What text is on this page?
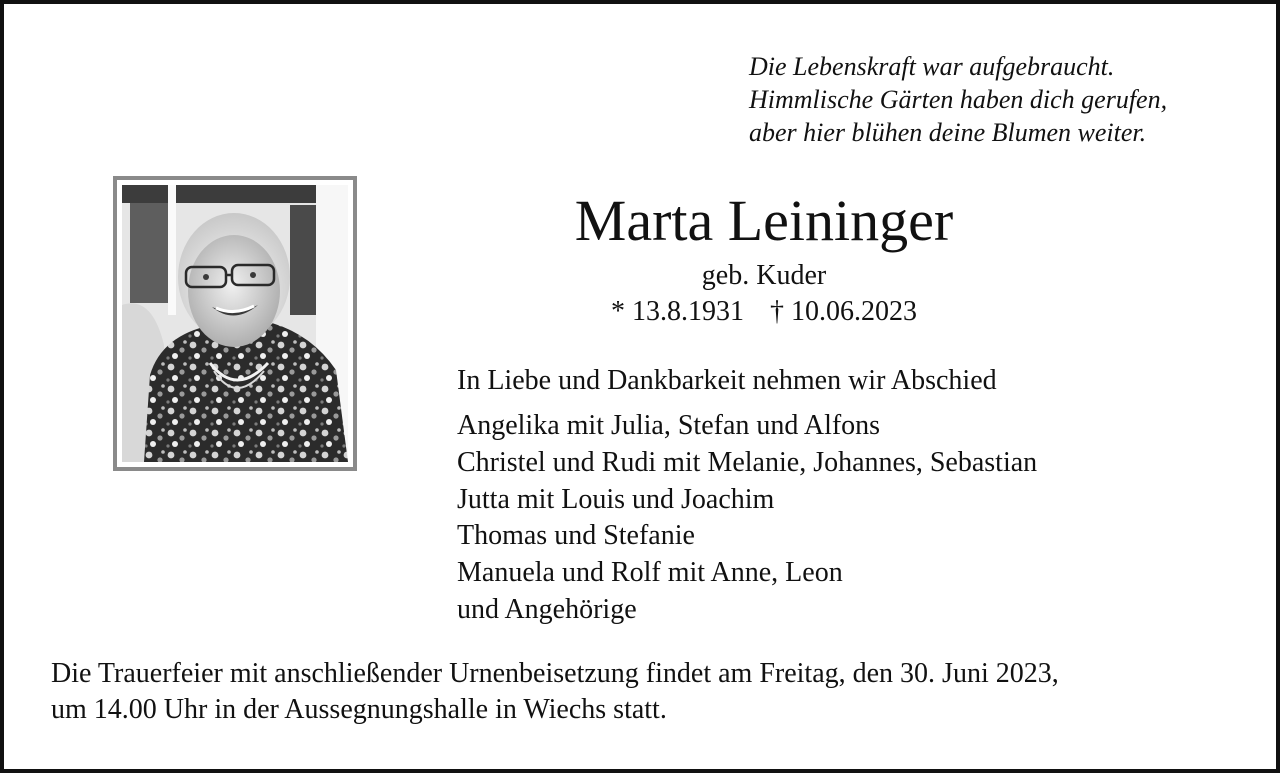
Die Lebenskraft war aufgebraucht.
Himmlische Gärten haben dich gerufen,
aber hier blühen deine Blumen weiter.
Marta Leininger
geb. Kuder
* 13.8.1931 † 10.06.2023
In Liebe und Dankbarkeit nehmen wir Abschied
Angelika mit Julia, Stefan und Alfons
Christel und Rudi mit Melanie, Johannes, Sebastian
Jutta mit Louis und Joachim
Thomas und Stefanie
Manuela und Rolf mit Anne, Leon
und Angehörige
Die Trauerfeier mit anschließender Urnenbeisetzung findet am Freitag, den 30. Juni 2023,
um 14.00 Uhr in der Aussegnungshalle in Wiechs statt.
